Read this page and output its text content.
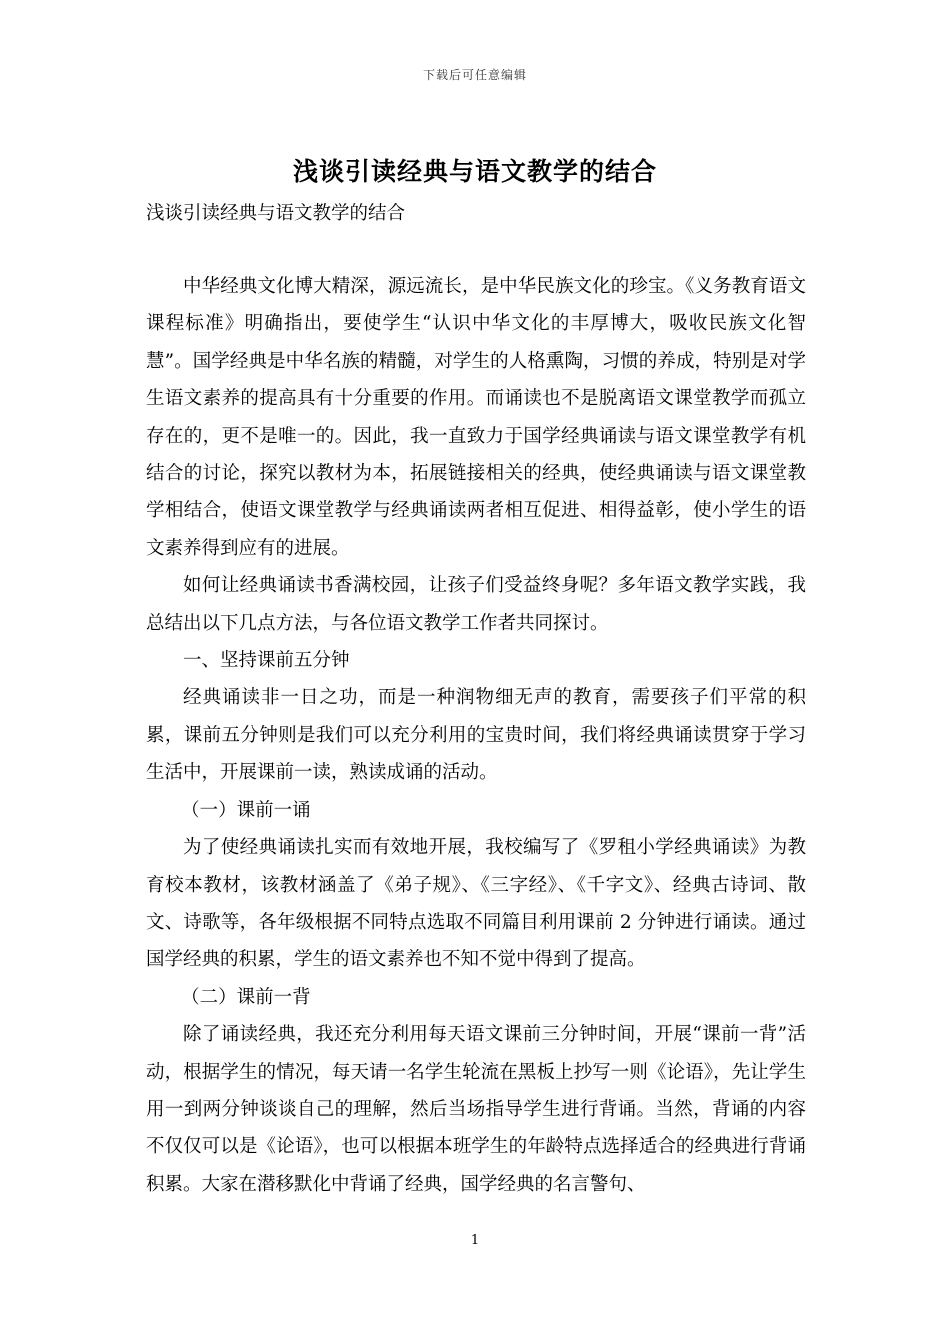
下载后可任意编辑
浅谈引读经典与语文教学的结合
浅谈引读经典与语文教学的结合

中华经典文化博大精深，源远流长，是中华民族文化的珍宝。《义务教育语文课程标准》明确指出，要使学生“认识中华文化的丰厚博大，吸收民族文化智慧”。国学经典是中华名族的精髓，对学生的人格熏陶，习惯的养成，特别是对学生语文素养的提高具有十分重要的作用。而诵读也不是脱离语文课堂教学而孤立存在的，更不是唯一的。因此，我一直致力于国学经典诵读与语文课堂教学有机结合的讨论，探究以教材为本，拓展链接相关的经典，使经典诵读与语文课堂教学相结合，使语文课堂教学与经典诵读两者相互促进、相得益彰，使小学生的语文素养得到应有的进展。

如何让经典诵读书香满校园，让孩子们受益终身呢？多年语文教学实践，我总结出以下几点方法，与各位语文教学工作者共同探讨。

一、坚持课前五分钟

经典诵读非一日之功，而是一种润物细无声的教育，需要孩子们平常的积累，课前五分钟则是我们可以充分利用的宝贵时间，我们将经典诵读贯穿于学习生活中，开展课前一读，熟读成诵的活动。

（一）课前一诵

为了使经典诵读扎实而有效地开展，我校编写了《罗租小学经典诵读》为教育校本教材，该教材涵盖了《弟子规》、《三字经》、《千字文》、经典古诗词、散文、诗歌等，各年级根据不同特点选取不同篇目利用课前 2 分钟进行诵读。通过国学经典的积累，学生的语文素养也不知不觉中得到了提高。

（二）课前一背

除了诵读经典，我还充分利用每天语文课前三分钟时间，开展“课前一背”活动，根据学生的情况，每天请一名学生轮流在黑板上抄写一则《论语》，先让学生用一到两分钟谈谈自己的理解，然后当场指导学生进行背诵。当然，背诵的内容不仅仅可以是《论语》，也可以根据本班学生的年龄特点选择适合的经典进行背诵积累。大家在潜移默化中背诵了经典，国学经典的名言警句、

1
